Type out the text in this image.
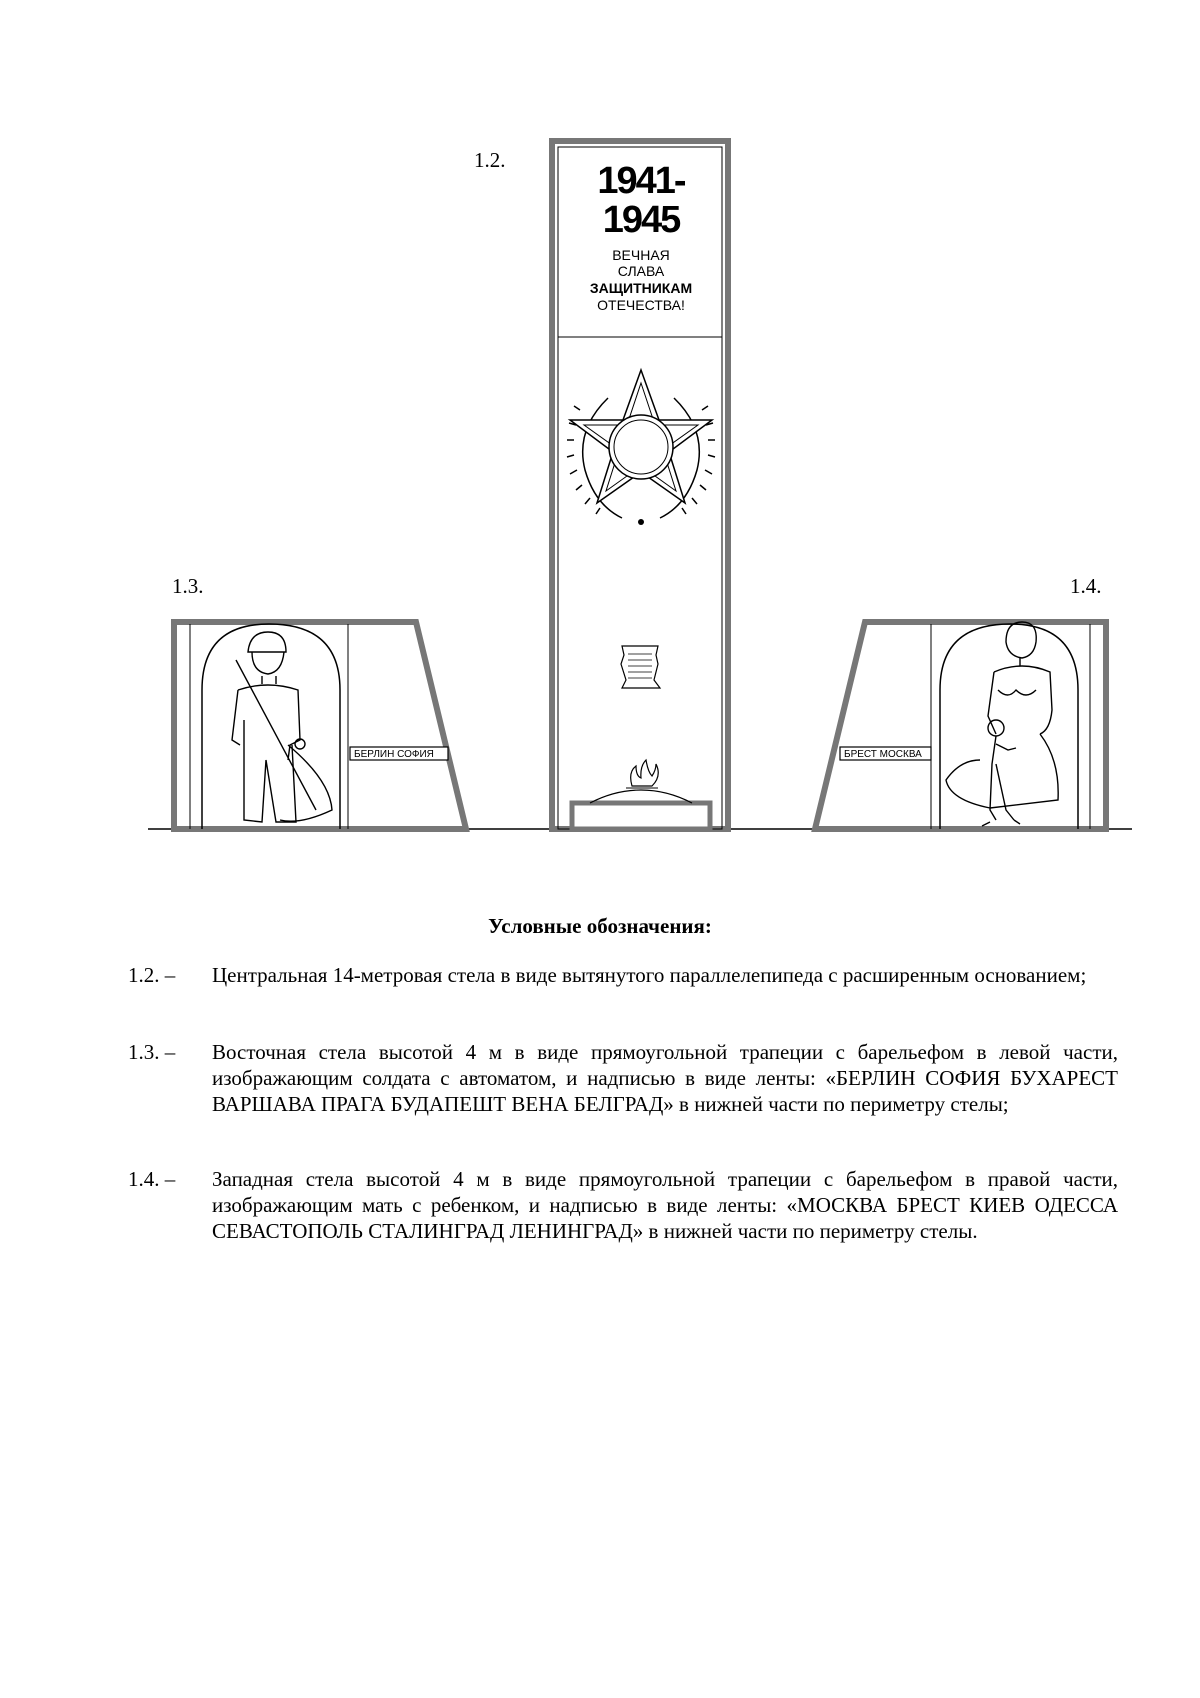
1941-
1945
ВЕЧНАЯ
СЛАВА
ЗАЩИТНИКАМ
ОТЕЧЕСТВА!
БЕРЛИН СОФИЯ	БРЕСТ МОСКВА
1.2.
1.3.	1.4.
Условные обозначения:
1.2. – Центральная 14-метровая стела в виде вытянутого параллелепипеда с расширенным основанием;
1.3. – Восточная стела высотой 4 м в виде прямоугольной трапеции с барельефом в левой части, изображающим солдата с автоматом, и надписью в виде ленты: «БЕРЛИН СОФИЯ БУХАРЕСТ ВАРШАВА ПРАГА БУДАПЕШТ ВЕНА БЕЛГРАД» в нижней части по периметру стелы;
1.4. – Западная стела высотой 4 м в виде прямоугольной трапеции с барельефом в правой части, изображающим мать с ребенком, и надписью в виде ленты: «МОСКВА БРЕСТ КИЕВ ОДЕССА СЕВАСТОПОЛЬ СТАЛИНГРАД ЛЕНИНГРАД» в нижней части по периметру стелы.
